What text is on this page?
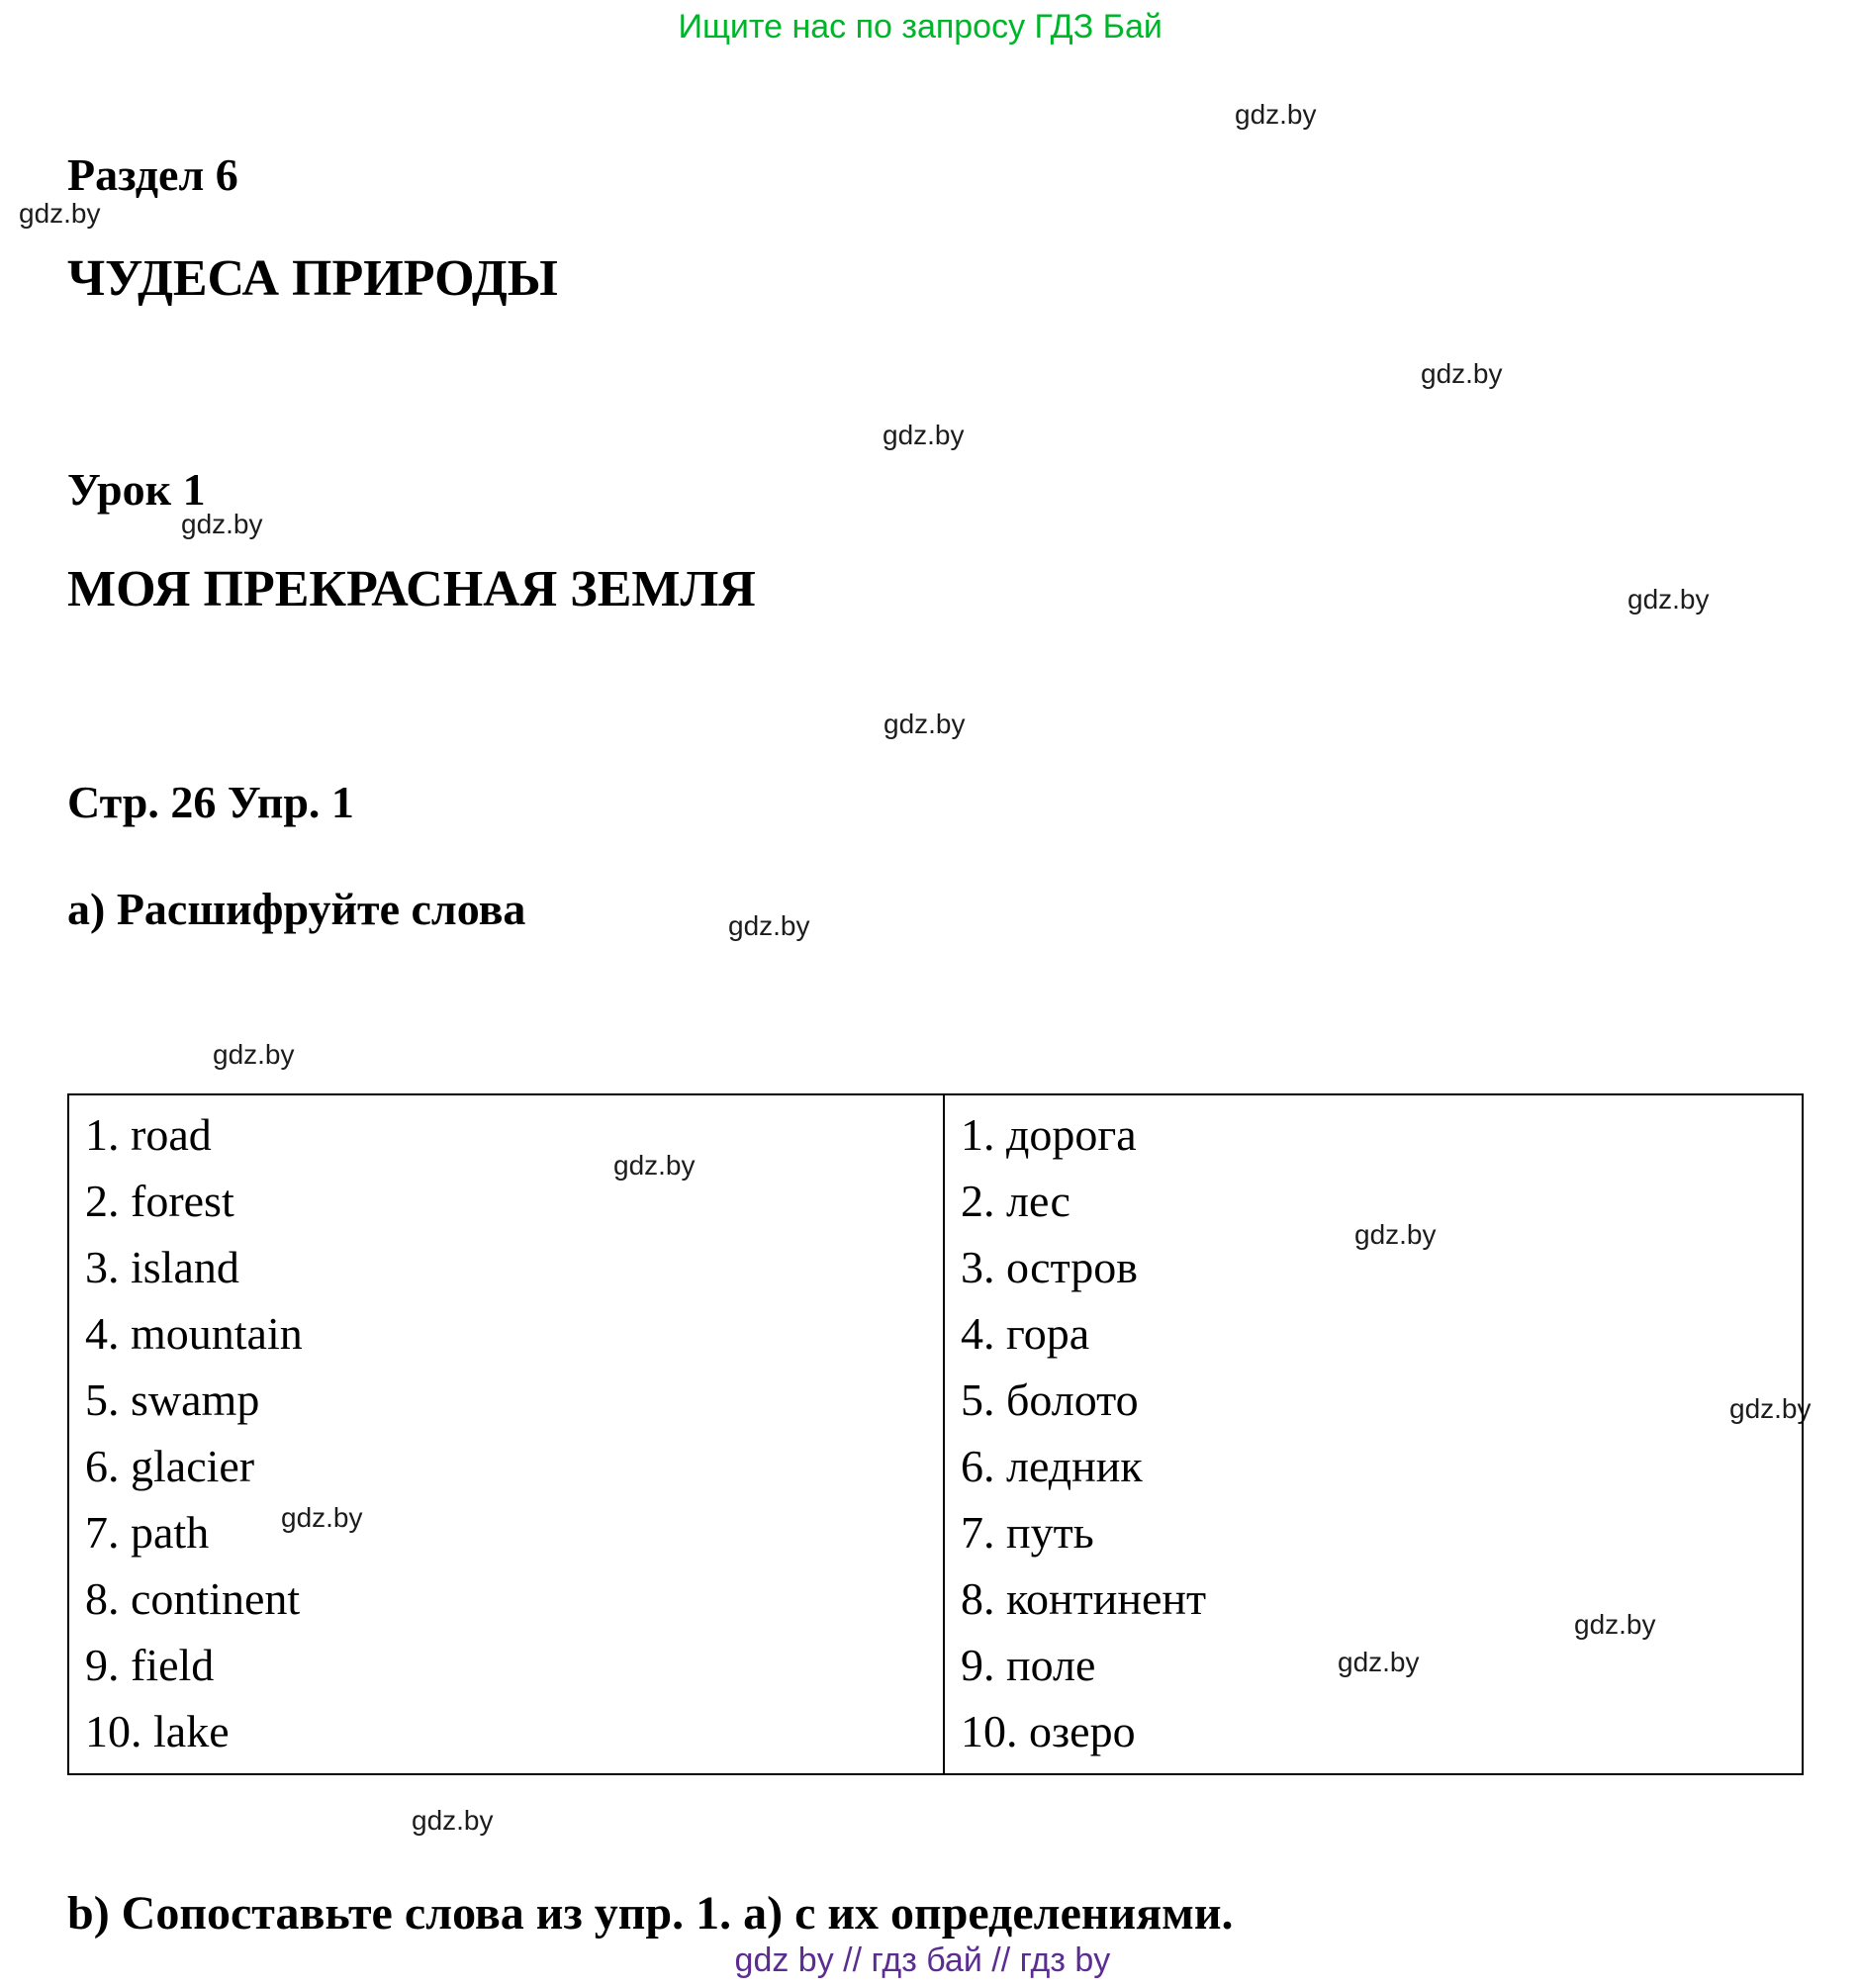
Ищите нас по запросу ГДЗ Бай
gdz.by
gdz.by
gdz.by
gdz.by
gdz.by
gdz.by
gdz.by
gdz.by
gdz.by
gdz.by
gdz.by
gdz.by
gdz.by
gdz.by
gdz.by
gdz.by
Раздел 6
ЧУДЕСА ПРИРОДЫ
Урок 1
МОЯ ПРЕКРАСНАЯ ЗЕМЛЯ
Стр. 26 Упр. 1
а) Расшифруйте слова
1. road
2. forest
3. island
4. mountain
5. swamp
6. glacier
7. path
8. continent
9. field
10. lake
1. дорога
2. лес
3. остров
4. гора
5. болото
6. ледник
7. путь
8. континент
9. поле
10. озеро
b) Сопоставьте слова из упр. 1. а) с их определениями.
gdz by // гдз бай // гдз by
